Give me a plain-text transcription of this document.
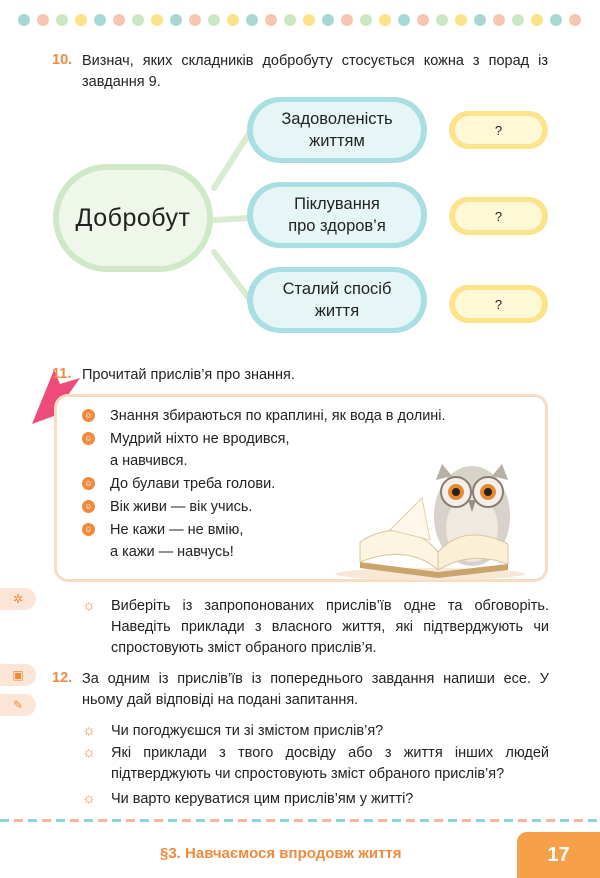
10. Визнач, яких складників добробуту стосується кожна з порад із завдання 9.
Добробут
Задоволеність
життям
Піклування
про здоров’я
Сталий спосіб
життя
?
?
?
11. Прочитай прислів’я про знання.
☺ Знання збираються по краплині, як вода в долині.
☺ Мудрий ніхто не вродився,
а навчився.
☺ До булави треба голови.
☺ Вік живи — вік учись.
☺ Не кажи — не вмію,
а кажи — навчусь!
✲	☼ Виберіть із запропонованих прислів’їв одне та обговоріть. Наведіть приклади з власного життя, які підтверджують чи спростовують зміст обраного прислів’я.
▣
✎
12. За одним із прислів’їв із попереднього завдання напиши есе. У ньому дай відповіді на подані запитання.
☼ Чи погоджуєшся ти зі змістом прислів’я?
☼ Які приклади з твого досвіду або з життя інших людей підтверджують чи спростовують зміст обраного прислів’я?
☼ Чи варто керуватися цим прислів’ям у житті?
§3. Навчаємося впродовж життя	17
